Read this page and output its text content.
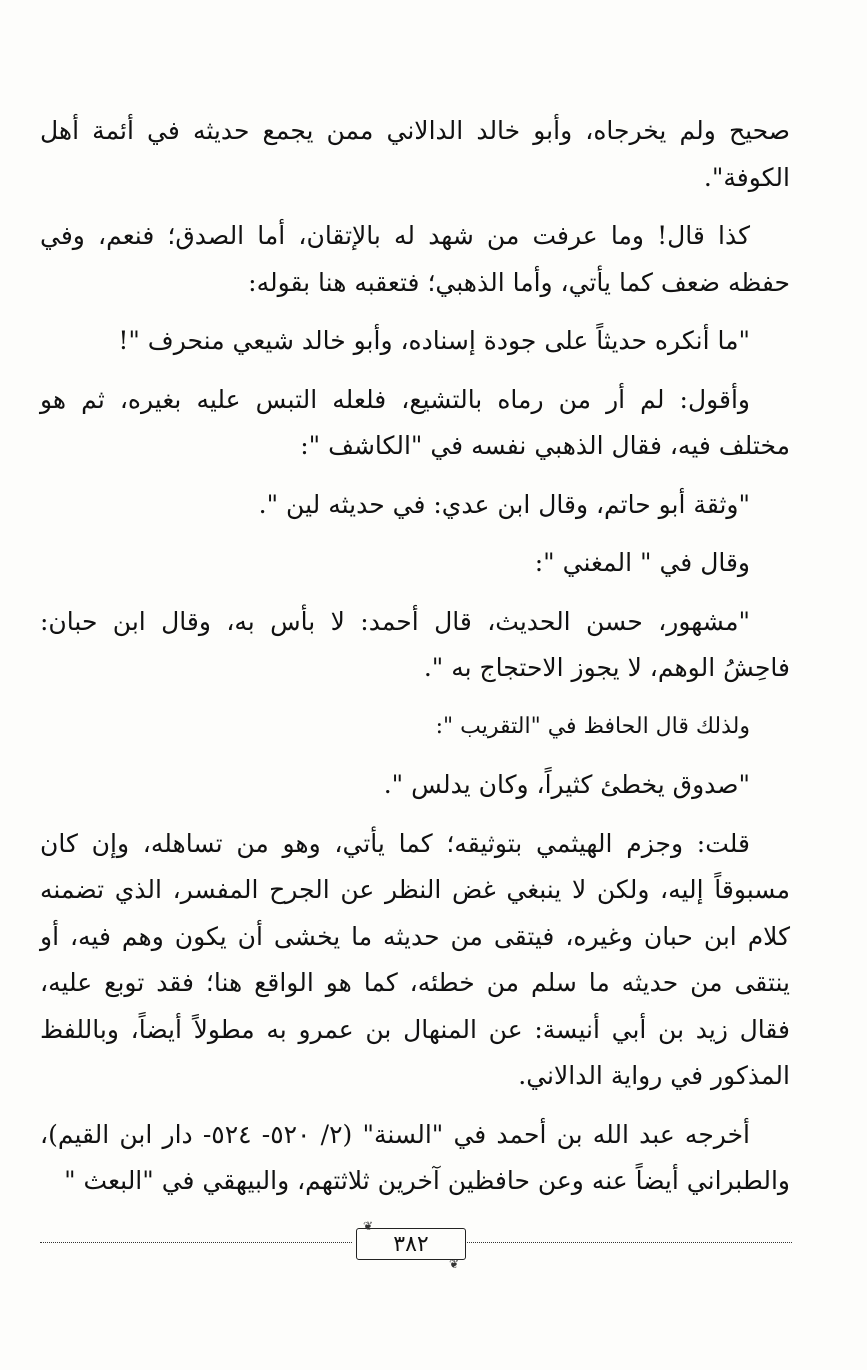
صحيح ولم يخرجاه، وأبو خالد الدالاني ممن يجمع حديثه في أئمة أهل الكوفة".

كذا قال! وما عرفت من شهد له بالإتقان، أما الصدق؛ فنعم، وفي حفظه ضعف كما يأتي، وأما الذهبي؛ فتعقبه هنا بقوله:

"ما أنكره حديثاً على جودة إسناده، وأبو خالد شيعي منحرف "!

وأقول: لم أر من رماه بالتشيع، فلعله التبس عليه بغيره، ثم هو مختلف فيه، فقال الذهبي نفسه في "الكاشف ":

"وثقة أبو حاتم، وقال ابن عدي: في حديثه لين ".

وقال في " المغني ":

"مشهور، حسن الحديث، قال أحمد: لا بأس به، وقال ابن حبان: فاحِشُ الوهم، لا يجوز الاحتجاج به ".

ولذلك قال الحافظ في "التقريب ":

"صدوق يخطئ كثيراً، وكان يدلس ".

قلت: وجزم الهيثمي بتوثيقه؛ كما يأتي، وهو من تساهله، وإن كان مسبوقاً إليه، ولكن لا ينبغي غض النظر عن الجرح المفسر، الذي تضمنه كلام ابن حبان وغيره، فيتقى من حديثه ما يخشى أن يكون وهم فيه، أو ينتقى من حديثه ما سلم من خطئه، كما هو الواقع هنا؛ فقد توبع عليه، فقال زيد بن أبي أنيسة: عن المنهال بن عمرو به مطولاً أيضاً، وباللفظ المذكور في رواية الدالاني.

أخرجه عبد الله بن أحمد في "السنة" (٢/ ٥٢٠- ٥٢٤- دار ابن القيم)، والطبراني أيضاً عنه وعن حافظين آخرين ثلاثتهم، والبيهقي في "البعث "

❦
٣٨٢
❦
